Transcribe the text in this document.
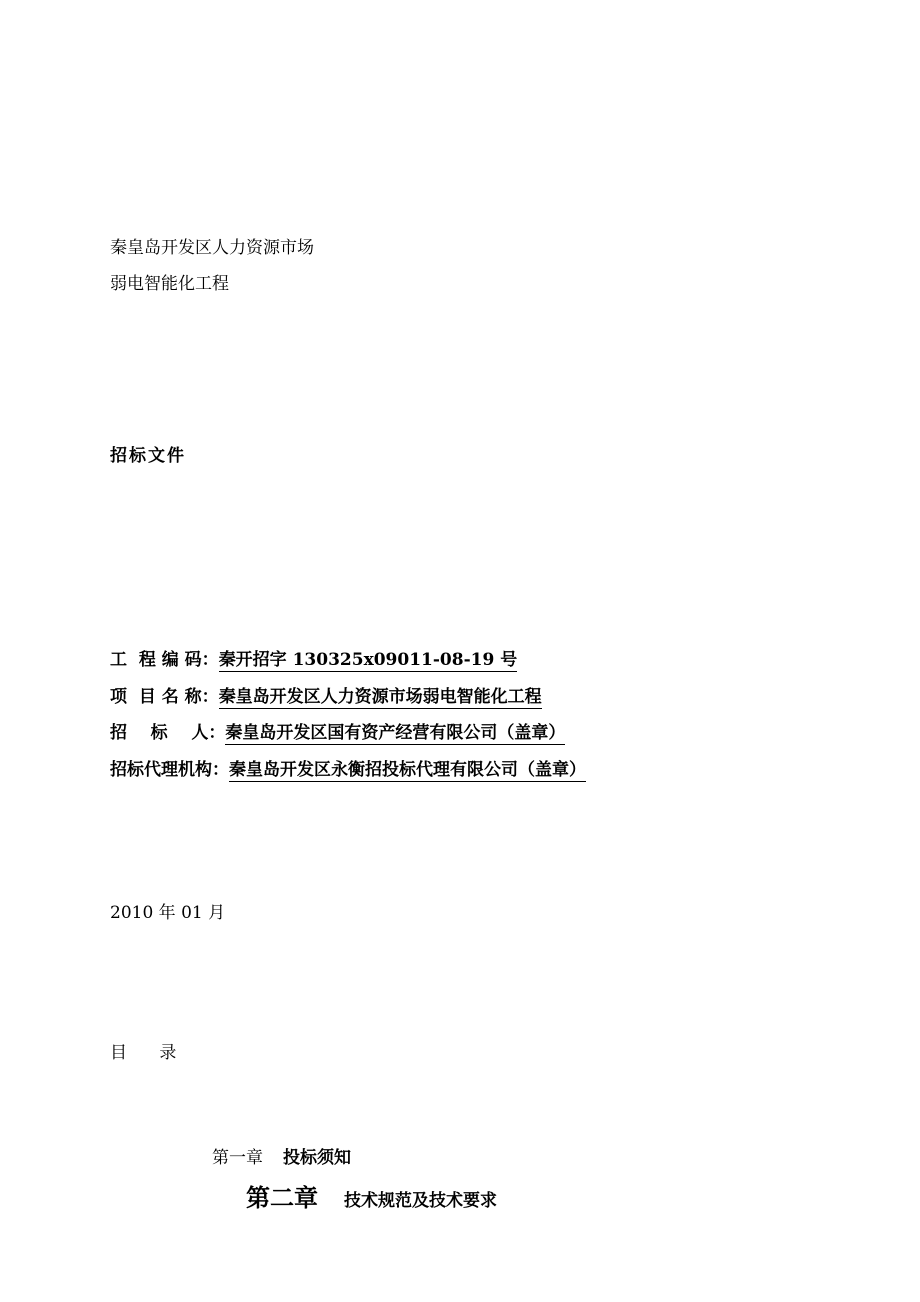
秦皇岛开发区人力资源市场
弱电智能化工程
招标文件
工  程 编 码：秦开招字 130325x09011-08-19 号
项  目 名 称：秦皇岛开发区人力资源市场弱电智能化工程
招    标    人：秦皇岛开发区国有资产经营有限公司（盖章）
招标代理机构：秦皇岛开发区永衡招投标代理有限公司（盖章）
2010 年 01 月
目      录
第一章 投标须知
第二章 技术规范及技术要求
